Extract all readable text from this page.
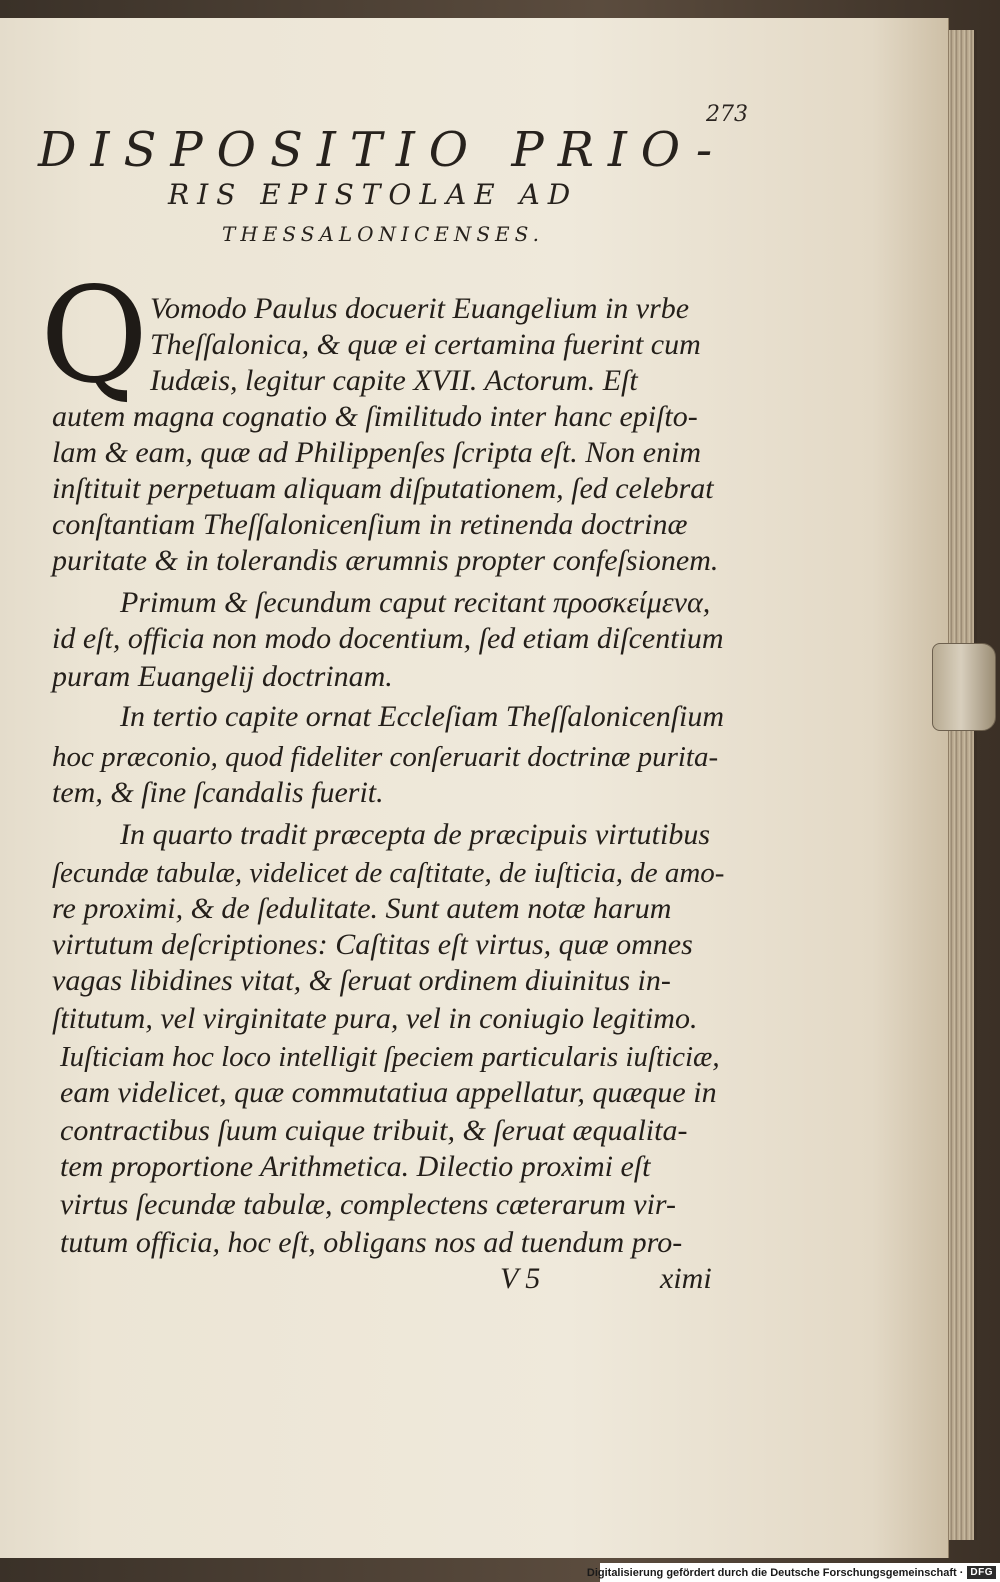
273
DISPOSITIO PRIO-
RIS EPISTOLAE AD
THESSALONICENSES.
Q Vomodo Paulus docuerit Euangelium in vrbe
Theſſalonica, & quæ ei certamina fuerint cum
Iudæis, legitur capite XVII. Actorum. Eſt
autem magna cognatio & ſimilitudo inter hanc epiſto-
lam & eam, quæ ad Philippenſes ſcripta eſt. Non enim
inſtituit perpetuam aliquam diſputationem, ſed celebrat
conſtantiam Theſſalonicenſium in retinenda doctrinæ
puritate & in tolerandis ærumnis propter confeſsionem.
Primum & ſecundum caput recitant προσκείμενα,
id eſt, officia non modo docentium, ſed etiam diſcentium
puram Euangelij doctrinam.
In tertio capite ornat Eccleſiam Theſſalonicenſium
hoc præconio, quod fideliter conſeruarit doctrinæ purita-
tem, & ſine ſcandalis fuerit.
In quarto tradit præcepta de præcipuis virtutibus
ſecundæ tabulæ, videlicet de caſtitate, de iuſticia, de amo-
re proximi, & de ſedulitate. Sunt autem notæ harum
virtutum deſcriptiones: Caſtitas eſt virtus, quæ omnes
vagas libidines vitat, & ſeruat ordinem diuinitus in-
ſtitutum, vel virginitate pura, vel in coniugio legitimo.
Iuſticiam hoc loco intelligit ſpeciem particularis iuſticiæ,
eam videlicet, quæ commutatiua appellatur, quæque in
contractibus ſuum cuique tribuit, & ſeruat æqualita-
tem proportione Arithmetica. Dilectio proximi eſt
virtus ſecundæ tabulæ, complectens cæterarum vir-
tutum officia, hoc eſt, obligans nos ad tuendum pro-
V 5	ximi
Digitalisierung gefördert durch die Deutsche Forschungsgemeinschaft · DFG
